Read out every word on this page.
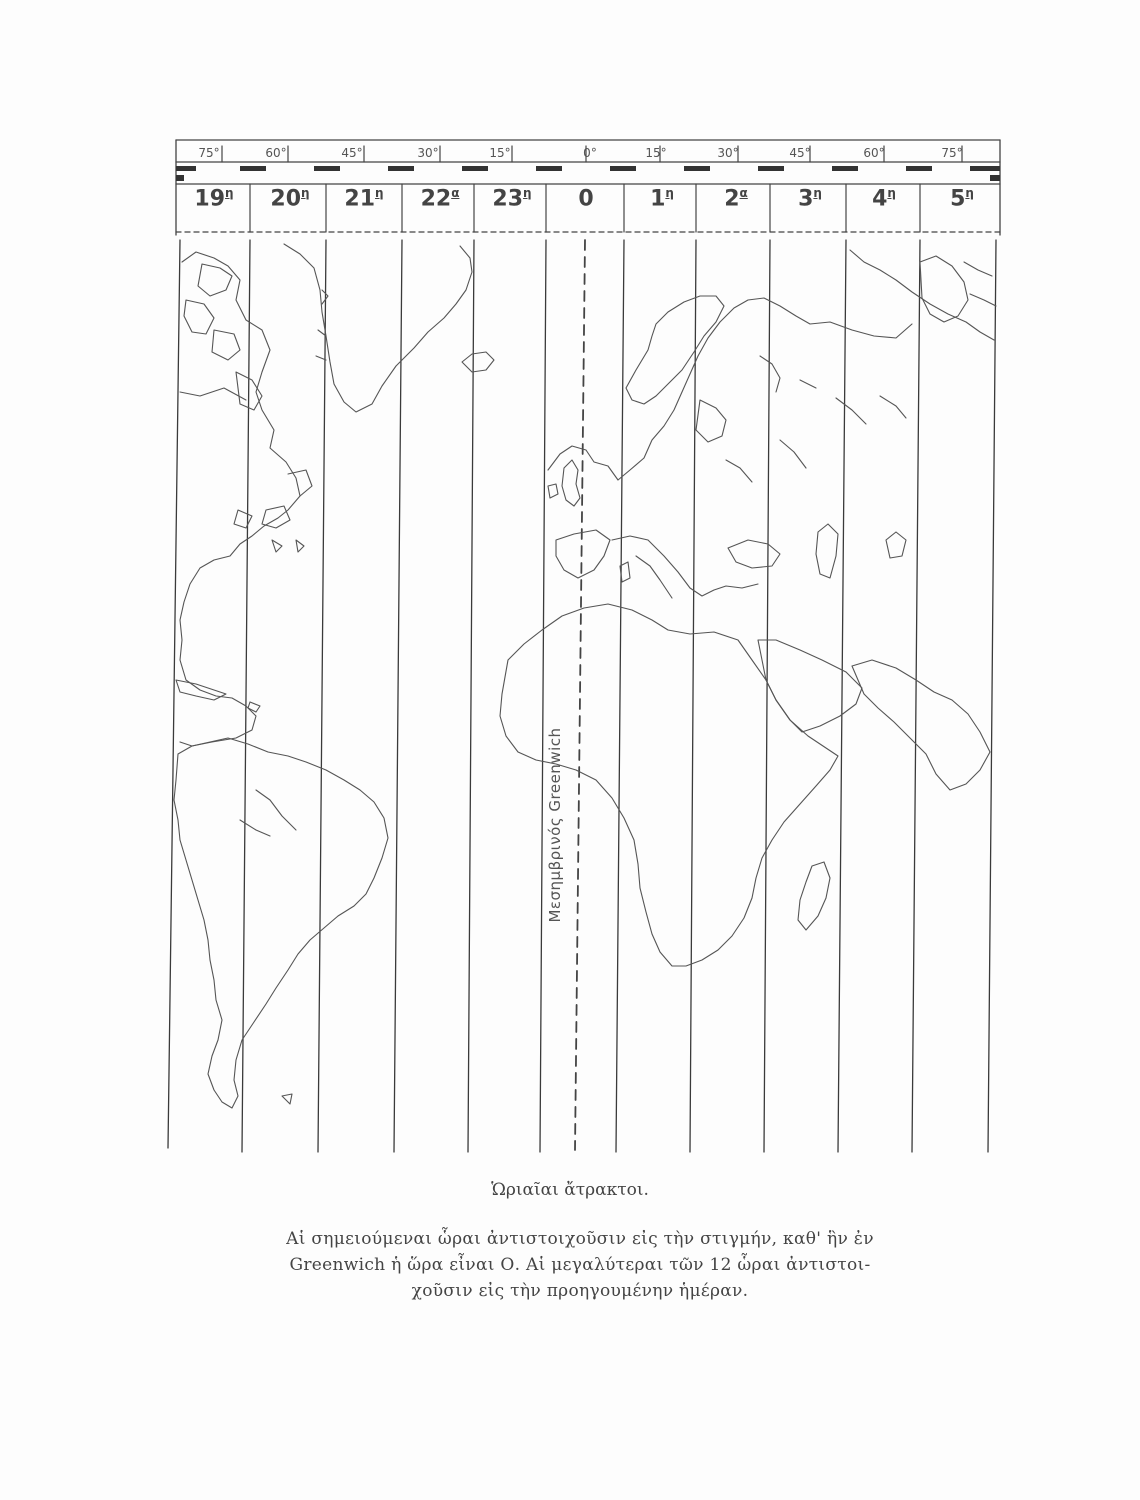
75°	60°	45°	30°	15°	0°	15°	30°	45°	60°	75°
$19^\eta$ $20^\eta$ $21^\eta$ $22^\alpha$ $23^\eta$ 0	$1^\eta$ $2^\alpha$ $3^\eta$ $4^\eta$ $5^\eta$
Μεσημβρινός Greenwich
Ὡριαῖαι ἄτρακτοι.
Αἱ σημειούμεναι ὧραι ἀντιστοιχοῦσιν εἰς τὴν στιγμήν, καθ' ἣν ἐν
Greenwich ἡ ὥρα εἶναι Ο. Αἱ μεγαλύτεραι τῶν 12 ὧραι ἀντιστοι-
χοῦσιν εἰς τὴν προηγουμένην ἡμέραν.
